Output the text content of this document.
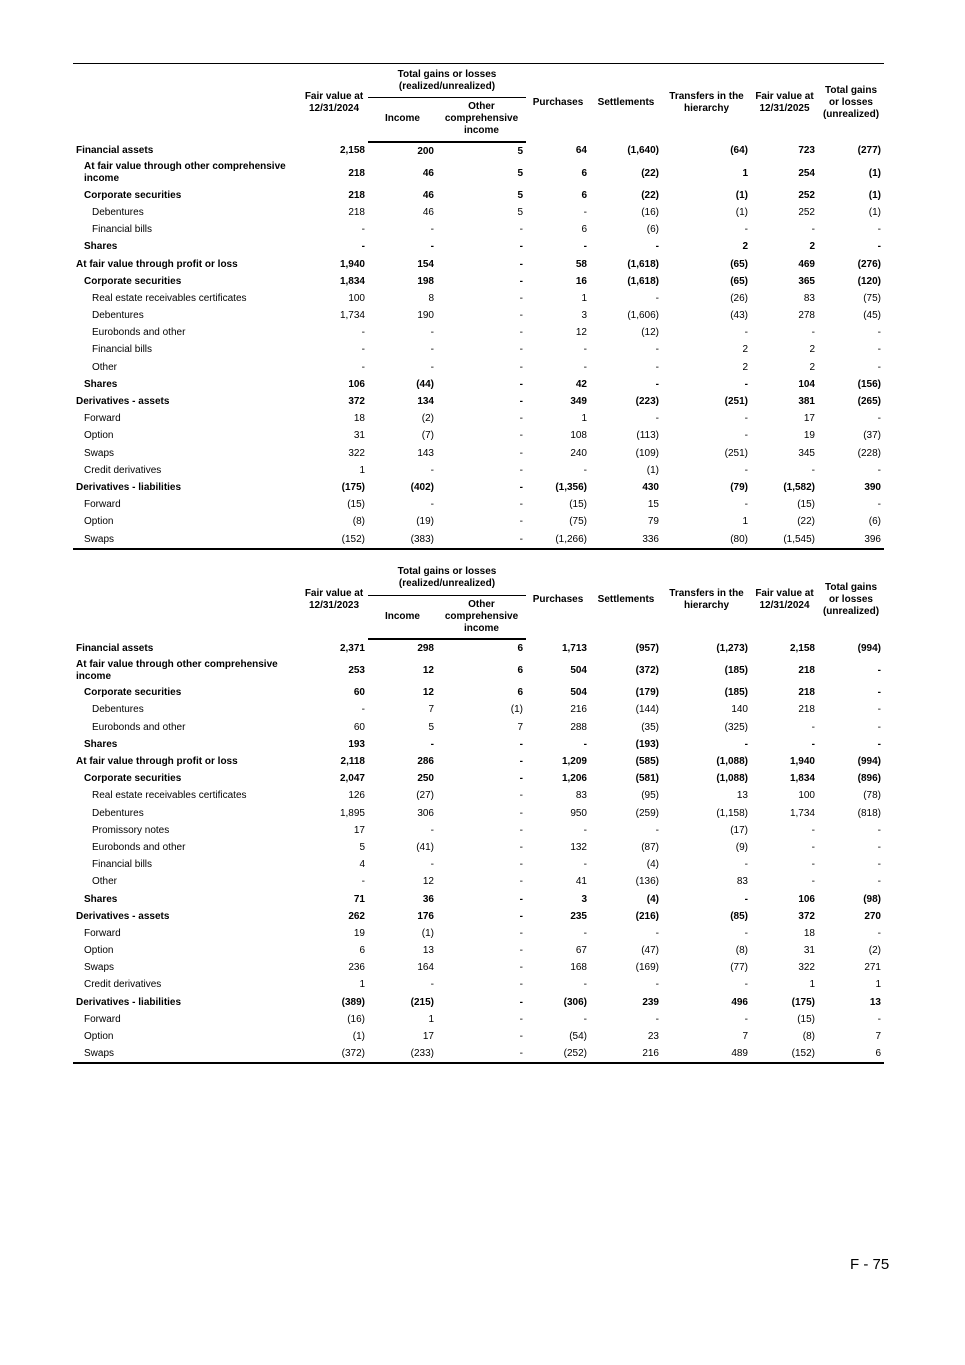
	Fair value at 12/31/2024	Total gains or losses (realized/unrealized)		Purchases	Settlements	Transfers in the hierarchy	Fair value at 12/31/2025	Total gains or losses (unrealized)
		Income	Other comprehensive income					
Financial assets	2,158	200	5	64	(1,640)	(64)	723	(277)
At fair value through other comprehensive income	218	46	5	6	(22)	1	254	(1)
Corporate securities	218	46	5	6	(22)	(1)	252	(1)
Debentures	218	46	5	-	(16)	(1)	252	(1)
Financial bills	-	-	-	6	(6)	-	-	-
Shares	-	-	-	-	-	2	2	-
At fair value through profit or loss	1,940	154	-	58	(1,618)	(65)	469	(276)
Corporate securities	1,834	198	-	16	(1,618)	(65)	365	(120)
Real estate receivables certificates	100	8	-	1	-	(26)	83	(75)
Debentures	1,734	190	-	3	(1,606)	(43)	278	(45)
Eurobonds and other	-	-	-	12	(12)	-	-	-
Financial bills	-	-	-	-	-	2	2	-
Other	-	-	-	-	-	2	2	-
Shares	106	(44)	-	42	-	-	104	(156)
Derivatives - assets	372	134	-	349	(223)	(251)	381	(265)
Forward	18	(2)	-	1	-	-	17	-
Option	31	(7)	-	108	(113)	-	19	(37)
Swaps	322	143	-	240	(109)	(251)	345	(228)
Credit derivatives	1	-	-	-	(1)	-	-	-
Derivatives - liabilities	(175)	(402)	-	(1,356)	430	(79)	(1,582)	390
Forward	(15)	-	-	(15)	15	-	(15)	-
Option	(8)	(19)	-	(75)	79	1	(22)	(6)
Swaps	(152)	(383)	-	(1,266)	336	(80)	(1,545)	396
	Fair value at 12/31/2023	Total gains or losses (realized/unrealized)		Purchases	Settlements	Transfers in the hierarchy	Fair value at 12/31/2024	Total gains or losses (unrealized)
		Income	Other comprehensive income					
Financial assets	2,371	298	6	1,713	(957)	(1,273)	2,158	(994)
At fair value through other comprehensive income	253	12	6	504	(372)	(185)	218	-
Corporate securities	60	12	6	504	(179)	(185)	218	-
Debentures	-	7	(1)	216	(144)	140	218	-
Eurobonds and other	60	5	7	288	(35)	(325)	-	-
Shares	193	-	-	-	(193)	-	-	-
At fair value through profit or loss	2,118	286	-	1,209	(585)	(1,088)	1,940	(994)
Corporate securities	2,047	250	-	1,206	(581)	(1,088)	1,834	(896)
Real estate receivables certificates	126	(27)	-	83	(95)	13	100	(78)
Debentures	1,895	306	-	950	(259)	(1,158)	1,734	(818)
Promissory notes	17	-	-	-	-	(17)	-	-
Eurobonds and other	5	(41)	-	132	(87)	(9)	-	-
Financial bills	4	-	-	-	(4)	-	-	-
Other	-	12	-	41	(136)	83	-	-
Shares	71	36	-	3	(4)	-	106	(98)
Derivatives - assets	262	176	-	235	(216)	(85)	372	270
Forward	19	(1)	-	-	-	-	18	-
Option	6	13	-	67	(47)	(8)	31	(2)
Swaps	236	164	-	168	(169)	(77)	322	271
Credit derivatives	1	-	-	-	-	-	1	1
Derivatives - liabilities	(389)	(215)	-	(306)	239	496	(175)	13
Forward	(16)	1	-	-	-	-	(15)	-
Option	(1)	17	-	(54)	23	7	(8)	7
Swaps	(372)	(233)	-	(252)	216	489	(152)	6
F - 75
